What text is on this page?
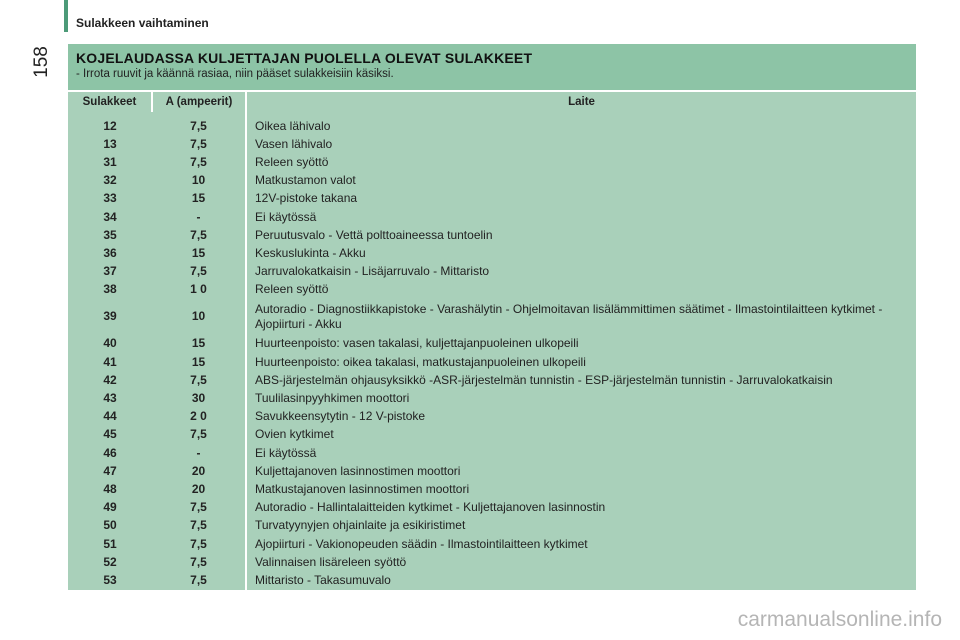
Sulakkeen vaihtaminen
158 KOJELAUDASSA KULJETTAJAN PUOLELLA OLEVAT SULAKKEET
- Irrota ruuvit ja käännä rasiaa, niin pääset sulakkeisiin käsiksi.
Sulakkeet	A (ampeerit)	Laite

12	7,5	Oikea lähivalo
13	7,5	Vasen lähivalo
31	7,5	Releen syöttö
32	10	Matkustamon valot
33	15	12V-pistoke takana
34	-	Ei käytössä
35	7,5	Peruutusvalo - Vettä polttoaineessa tuntoelin
36	15	Keskuslukinta - Akku
37	7,5	Jarruvalokatkaisin - Lisäjarruvalo - Mittaristo
38	1 0	Releen syöttö
39	10	Autoradio - Diagnostiikkapistoke - Varashälytin - Ohjelmoitavan lisälämmittimen säätimet - Ilmastointilaitteen kytkimet - Ajopiirturi - Akku
40	15	Huurteenpoisto: vasen takalasi, kuljettajanpuoleinen ulkopeili
41	15	Huurteenpoisto: oikea takalasi, matkustajanpuoleinen ulkopeili
42	7,5	ABS-järjestelmän ohjausyksikkö -ASR-järjestelmän tunnistin - ESP-järjestelmän tunnistin - Jarruvalokatkaisin
43	30	Tuulilasinpyyhkimen moottori
44	2 0	Savukkeensytytin - 12 V-pistoke
45	7,5	Ovien kytkimet
46	-	Ei käytössä
47	20	Kuljettajanoven lasinnostimen moottori
48	20	Matkustajanoven lasinnostimen moottori
49	7,5	Autoradio - Hallintalaitteiden kytkimet - Kuljettajanoven lasinnostin
50	7,5	Turvatyynyjen ohjainlaite ja esikiristimet
51	7,5	Ajopiirturi - Vakionopeuden säädin - Ilmastointilaitteen kytkimet
52	7,5	Valinnaisen lisäreleen syöttö
53	7,5	Mittaristo - Takasumuvalo
carmanualsonline.info
